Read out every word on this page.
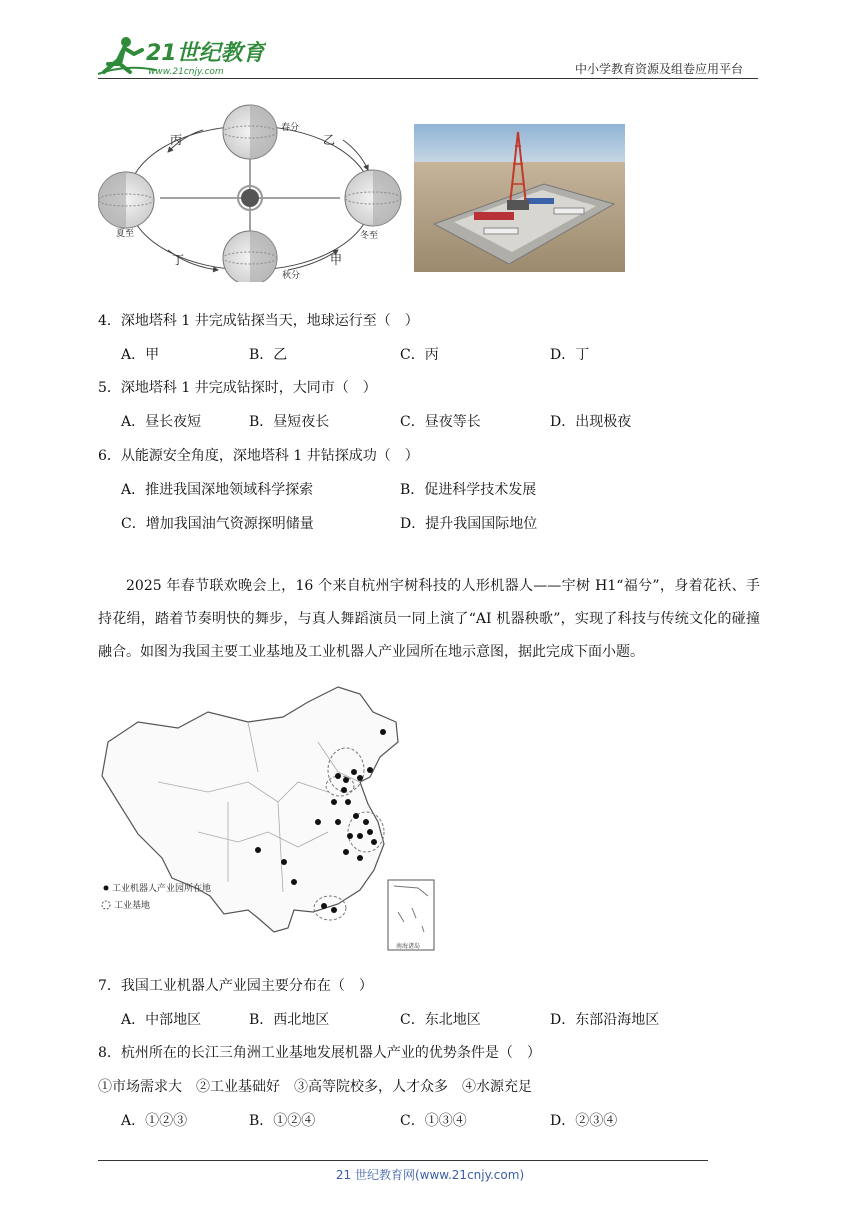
21世纪教育
www.21cnjy.com	中小学教育资源及组卷应用平台
春分
夏至	冬至
秋分
丙	乙
丁	甲
4．深地塔科 1 井完成钻探当天，地球运行至（　）
A．甲	B．乙	C．丙	D．丁
5．深地塔科 1 井完成钻探时，大同市（　）
A．昼长夜短	B．昼短夜长	C．昼夜等长	D．出现极夜
6．从能源安全角度，深地塔科 1 井钻探成功（　）
A．推进我国深地领域科学探索	B．促进科学技术发展
C．增加我国油气资源探明储量	D．提升我国国际地位
2025 年春节联欢晚会上，16 个来自杭州宇树科技的人形机器人——宇树 H1“福兮”，身着花袄、手持花绢，踏着节奏明快的舞步，与真人舞蹈演员一同上演了“AI 机器秧歌”，实现了科技与传统文化的碰撞融合。如图为我国主要工业基地及工业机器人产业园所在地示意图，据此完成下面小题。
工业机器人产业园所在地
工业基地
南海诸岛
7．我国工业机器人产业园主要分布在（　）
A．中部地区	B．西北地区	C．东北地区	D．东部沿海地区
8．杭州所在的长江三角洲工业基地发展机器人产业的优势条件是（　）
①市场需求大　②工业基础好　③高等院校多，人才众多　④水源充足
A．①②③	B．①②④	C．①③④	D．②③④
21 世纪教育网(www.21cnjy.com)
